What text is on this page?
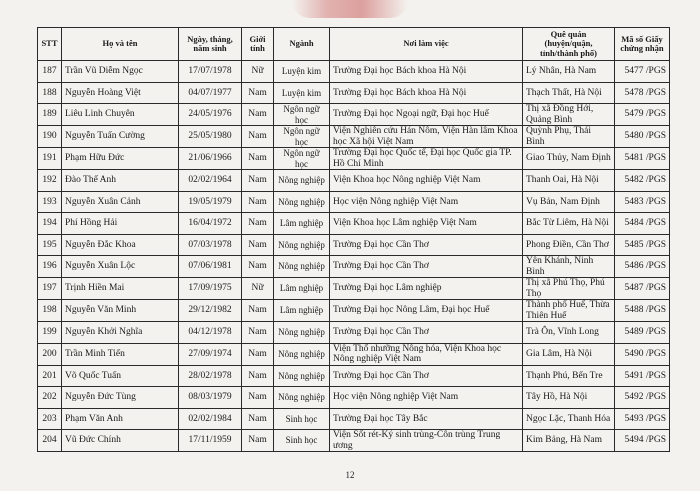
STT	Họ và tên	Ngày, tháng, năm sinh	Giới tính	Ngành	Nơi làm việc	Quê quán (huyện/quận, tỉnh/thành phố)	Mã số Giấy chứng nhận
187	Trần Vũ Diễm Ngọc	17/07/1978	Nữ	Luyện kim	Trường Đại học Bách khoa Hà Nội	Lý Nhân, Hà Nam	5477 /PGS
188	Nguyễn Hoàng Việt	04/07/1977	Nam	Luyện kim	Trường Đại học Bách khoa Hà Nội	Thạch Thất, Hà Nội	5478 /PGS
189	Liêu Linh Chuyên	24/05/1976	Nam	Ngôn ngữ học	Trường Đại học Ngoại ngữ, Đại học Huế	Thị xã Đồng Hới, Quảng Bình	5479 /PGS
190	Nguyễn Tuấn Cường	25/05/1980	Nam	Ngôn ngữ học	Viện Nghiên cứu Hán Nôm, Viện Hàn lâm Khoa học Xã hội Việt Nam	Quỳnh Phụ, Thái Bình	5480 /PGS
191	Phạm Hữu Đức	21/06/1966	Nam	Ngôn ngữ học	Trường Đại học Quốc tế, Đại học Quốc gia TP. Hồ Chí Minh	Giao Thủy, Nam Định	5481 /PGS
192	Đào Thế Anh	02/02/1964	Nam	Nông nghiệp	Viện Khoa học Nông nghiệp Việt Nam	Thanh Oai, Hà Nội	5482 /PGS
193	Nguyễn Xuân Cảnh	19/05/1979	Nam	Nông nghiệp	Học viện Nông nghiệp Việt Nam	Vụ Bản, Nam Định	5483 /PGS
194	Phí Hồng Hải	16/04/1972	Nam	Lâm nghiệp	Viện Khoa học Lâm nghiệp Việt Nam	Bắc Từ Liêm, Hà Nội	5484 /PGS
195	Nguyễn Đắc Khoa	07/03/1978	Nam	Nông nghiệp	Trường Đại học Cần Thơ	Phong Điền, Cần Thơ	5485 /PGS
196	Nguyễn Xuân Lộc	07/06/1981	Nam	Nông nghiệp	Trường Đại học Cần Thơ	Yên Khánh, Ninh Bình	5486 /PGS
197	Trịnh Hiền Mai	17/09/1975	Nữ	Lâm nghiệp	Trường Đại học Lâm nghiệp	Thị xã Phú Thọ, Phú Thọ	5487 /PGS
198	Nguyễn Văn Minh	29/12/1982	Nam	Lâm nghiệp	Trường Đại học Nông Lâm, Đại học Huế	Thành phố Huế, Thừa Thiên Huế	5488 /PGS
199	Nguyễn Khởi Nghĩa	04/12/1978	Nam	Nông nghiệp	Trường Đại học Cần Thơ	Trà Ôn, Vĩnh Long	5489 /PGS
200	Trần Minh Tiến	27/09/1974	Nam	Nông nghiệp	Viện Thổ nhưỡng Nông hóa, Viện Khoa học Nông nghiệp Việt Nam	Gia Lâm, Hà Nội	5490 /PGS
201	Võ Quốc Tuấn	28/02/1978	Nam	Nông nghiệp	Trường Đại học Cần Thơ	Thạnh Phú, Bến Tre	5491 /PGS
202	Nguyễn Đức Tùng	08/03/1979	Nam	Nông nghiệp	Học viện Nông nghiệp Việt Nam	Tây Hồ, Hà Nội	5492 /PGS
203	Phạm Văn Anh	02/02/1984	Nam	Sinh học	Trường Đại học Tây Bắc	Ngọc Lặc, Thanh Hóa	5493 /PGS
204	Vũ Đức Chính	17/11/1959	Nam	Sinh học	Viện Sốt rét-Ký sinh trùng-Côn trùng Trung ương	Kim Bảng, Hà Nam	5494 /PGS
12
